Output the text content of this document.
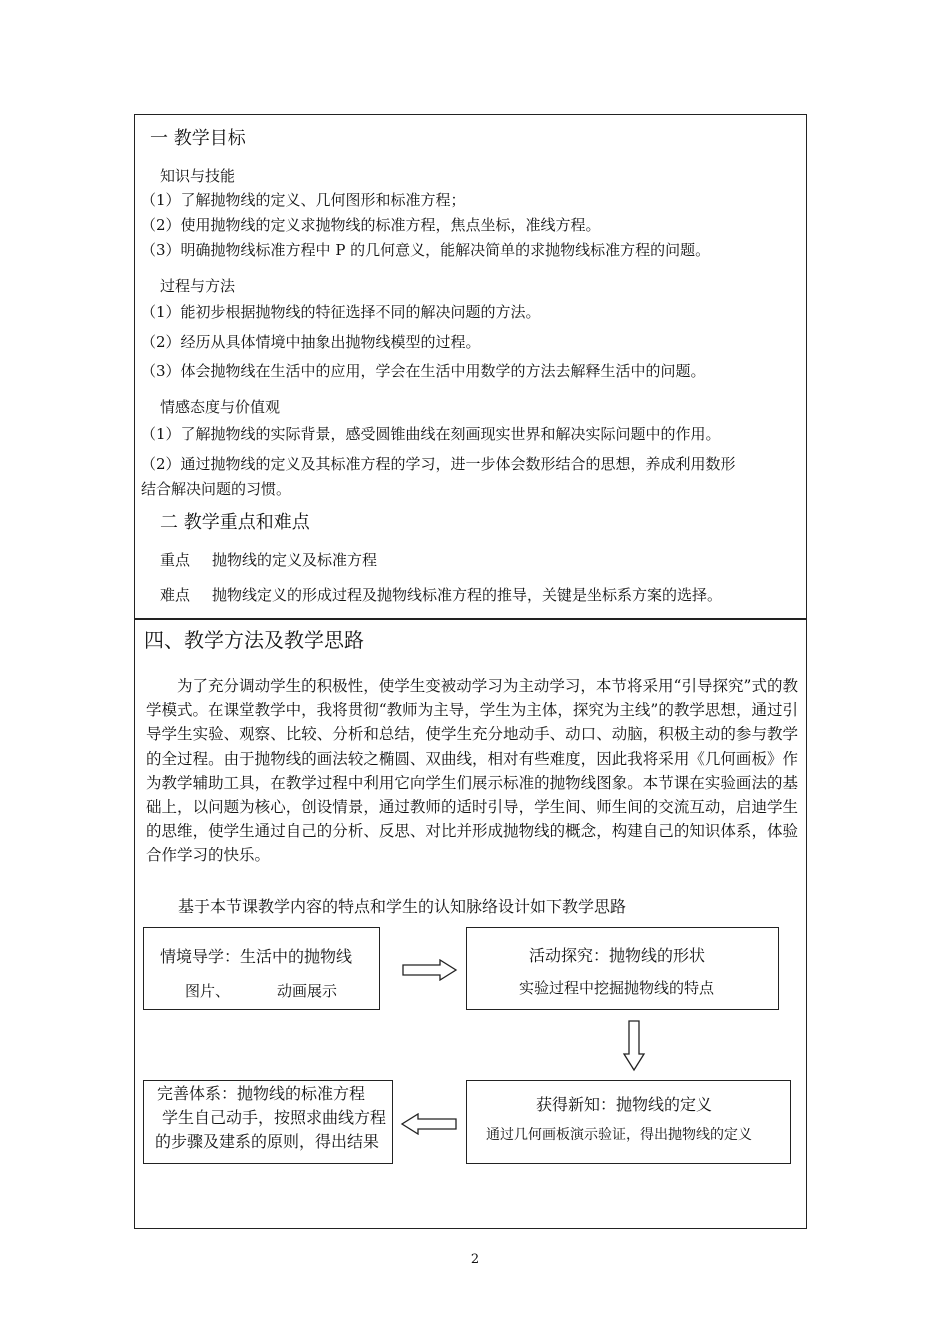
一 教学目标
知识与技能
（1）了解抛物线的定义、几何图形和标准方程；
（2）使用抛物线的定义求抛物线的标准方程，焦点坐标，准线方程。
（3）明确抛物线标准方程中 P 的几何意义，能解决简单的求抛物线标准方程的问题。
过程与方法
（1）能初步根据抛物线的特征选择不同的解决问题的方法。
（2）经历从具体情境中抽象出抛物线模型的过程。
（3）体会抛物线在生活中的应用，学会在生活中用数学的方法去解释生活中的问题。
情感态度与价值观
（1）了解抛物线的实际背景，感受圆锥曲线在刻画现实世界和解决实际问题中的作用。
（2）通过抛物线的定义及其标准方程的学习，进一步体会数形结合的思想，养成利用数形
结合解决问题的习惯。
二 教学重点和难点
重点 抛物线的定义及标准方程
难点 抛物线定义的形成过程及抛物线标准方程的推导，关键是坐标系方案的选择。
四、教学方法及教学思路
为了充分调动学生的积极性，使学生变被动学习为主动学习，本节将采用“引导探究”式的教学模式。在课堂教学中，我将贯彻“教师为主导，学生为主体，探究为主线”的教学思想，通过引导学生实验、观察、比较、分析和总结，使学生充分地动手、动口、动脑，积极主动的参与教学的全过程。由于抛物线的画法较之椭圆、双曲线，相对有些难度，因此我将采用《几何画板》作为教学辅助工具，在教学过程中利用它向学生们展示标准的抛物线图象。本节课在实验画法的基础上，以问题为核心，创设情景，通过教师的适时引导，学生间、师生间的交流互动，启迪学生的思维，使学生通过自己的分析、反思、对比并形成抛物线的概念，构建自己的知识体系，体验合作学习的快乐。
基于本节课教学内容的特点和学生的认知脉络设计如下教学思路
情境导学：生活中的抛物线
图片、	动画展示
活动探究：抛物线的形状
实验过程中挖掘抛物线的特点
获得新知：抛物线的定义
通过几何画板演示验证，得出抛物线的定义
完善体系：抛物线的标准方程
学生自己动手，按照求曲线方程
的步骤及建系的原则，得出结果
2
